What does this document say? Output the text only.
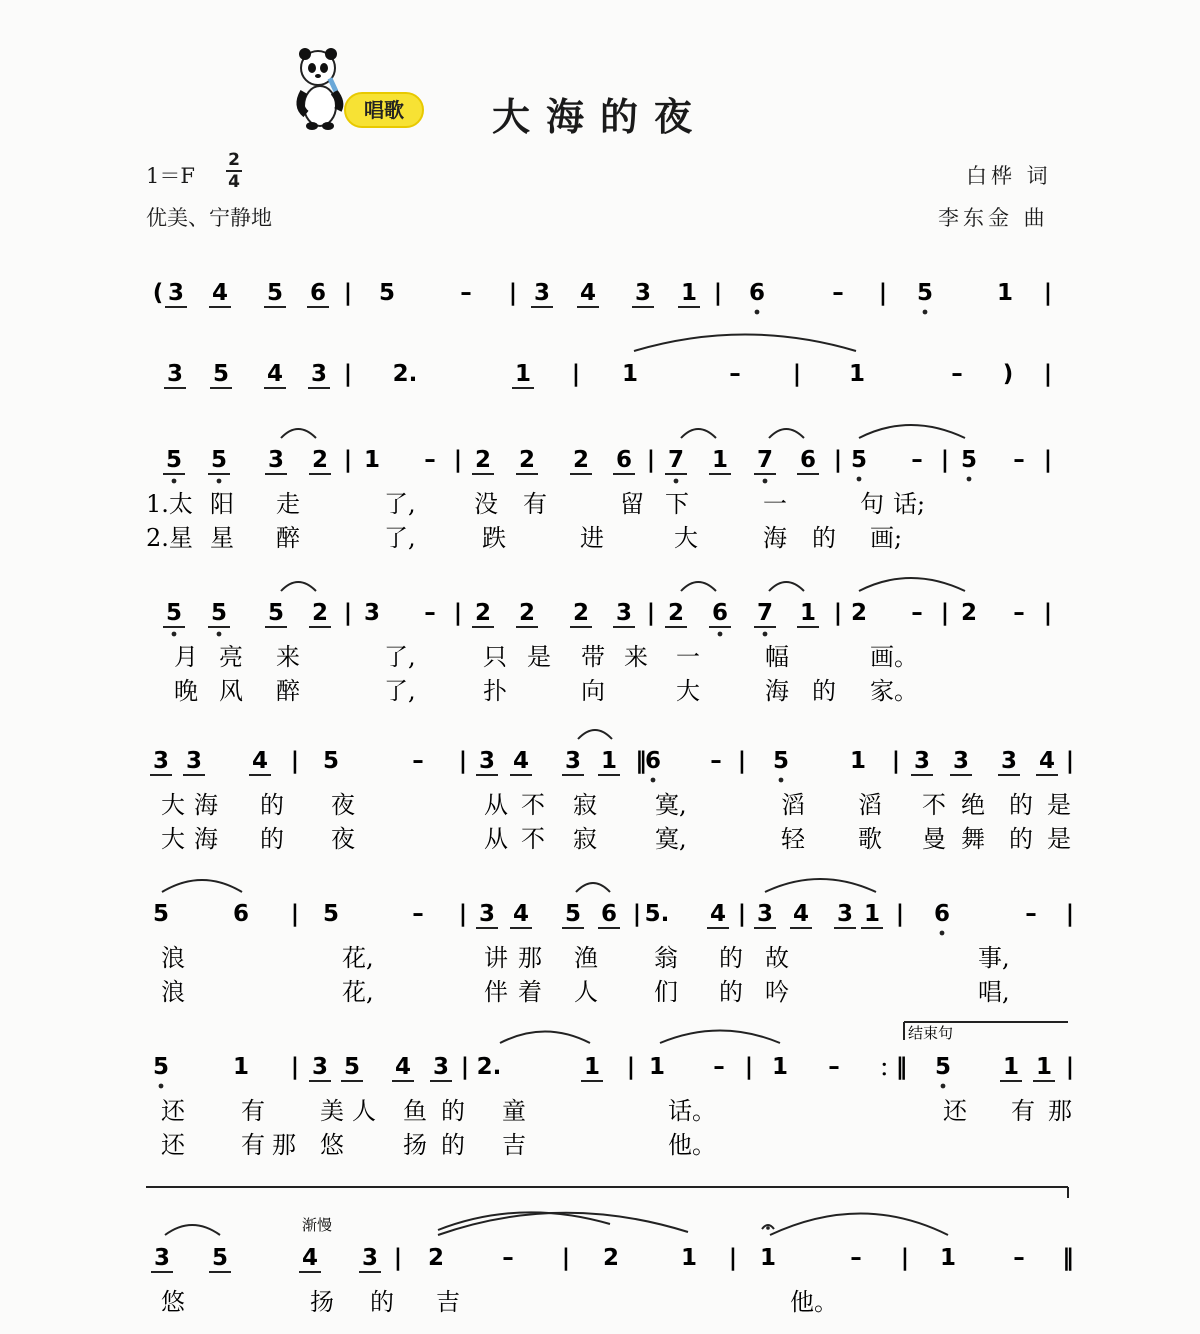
唱歌	大海的夜
1＝F
2
4
优美、宁静地
白桦 词
李东金 曲
( 3 4 5 6 | 5	– | 3 4 3 1 | 6	– | 5	1 |
3 5 4 3 | 2.	1 | 1	– | 1	– ) |
5 5 3 2 | 1 – | 2 2 2 6 | 7 1 7 6 | 5 – | 5 – |
1.太 阳 走	了, 没 有	留 下	一	句 话;
2.星 星 醉	了,	跌	进	大	海 的 画;
5 5 5 2 | 3 – | 2 2 2 3 | 2 6 7 1 | 2 – | 2 – |
月 亮 来	了,	只 是 带 来 一	幅	画。
晚 风 醉	了,	扑	向	大	海 的 家。
3 3 4 | 5	– | 3 4 3 1 ‖
6 – | 5	1 | 3 3 3 4 |
大 海 的 夜	从 不 寂 寞,	滔 滔 不 绝 的 是
大 海 的 夜	从 不 寂 寞,	轻 歌 曼 舞 的 是
5	6 | 5	– | 3 4 5 6 | 5. 4 | 3 4 3 1 | 6	– |
浪	花,	讲 那 渔 翁 的 故	事,
浪	花,	伴 着 人 们 的 吟	唱,
5	1 | 3 5 4 3 | 2.	1 | 1 – | 1 – ﹕‖ 5 1 1 |
还 有 美 人 鱼 的 童	话。	还 有 那
还 有 那 悠 扬 的 吉	他。
3 5	4 3 | 2	– | 2	1 | 1	– | 1 – ‖
悠	扬 的 吉	他。
结束句
渐慢
